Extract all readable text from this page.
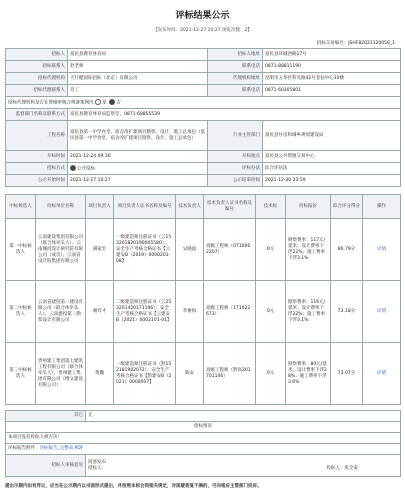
评标结果公示
【发布时间：2021-12-27 10:27 浏览次数：2】
招标交易编号：JSHF82021120056_1
招标人	富民县教育体育局	招标人地址	富民县环城西路17号
招标联系人	赵老师	联系电话	0871-88811190
招标代理机构	天行健国际招标（北京）有限公司	代理机构地址	昆明市五华区科光路42号金钻中心10楼
招标代理联系人	肖工	联系电话	0871-60305801
招标代理机构是否在资格审核合规备案网内 是 否			
监督部门名称及联系方式	富民县教育体育局监察室，0871-68855539		
工程名称	富民县第一中学食堂、宿舍改扩建项目勘察、设计，施工总承包（富民县第一中学食堂、宿舍改扩建项目勘察、设计、施工总承包）	行业主管部门	富民县住房和城乡规划建设局
开标时间	2021-12-24 09:30	开标地点	富民县公共资源交易中心
招标方式	公开招标	评标办法	综合评估法
公示开始时间	2021-12-27 10:27	公示结束时间	2021-12-30 23:59
中标候选人	投标单位名称	项目负责人	项目负责人证书名称及编号	技术负责人	技术负责人证书名称及编号	技术标	投标报价	综合评分得分	操作
第一中标候选人	云南建设集团有限公司（联合体牵头人）、云南城投设计研究院有限公司（成员）、云南省设计院集团有限公司	满家宏	一级建造师注册证书（云153201820190005580）；安全生产考核合格证书【云建安B（2019）0000201-08】	吴晓波	高级工程师（0710062207）	0元	勘察费率：117元/延米；设计费率下浮22%；施工费率下浮3.1%	86.79分	详情
第二中标候选人	云南省建投第一建设有限公司（联合体牵头人）、云南建投第一勘察设计有限公司	谢有才	二级建造师注册证书（云253201420171196）；安全生产考核合格证书【云建安B（2021）0002101-01】	李俊海	高级工程师（171022673）	0元	勘察费率：116元/延米；设计费率下浮22%；施工费率下浮3.1%	73.18分	详情
第三中标候选人	贵州建工集团第七建筑工程有限公司（联合体牵头人）、贵州建工集团有限公司（博文建设有限公司）	黄魏	一级建造师注册证书（黔152181902072）；安全生产考核合格证书【黔建安B（2021）0000007】	陈安	高级工程师（黔高201701146）	0元	勘察费率：80元/延米；设计费率下浮28%；施工费率下浮3.6%	73.07分	详情
其它	无
废标情况	
本项目没有投标人被否决！	
评标报告附件：评标报告_完整表.PDF	
招标人审核意见	同意发布
招标人： 投标人：张全泰
提出示期内如有异议，应当在公示期内以书面形式提出，并按照本标合同相关规定，对质疑答复不满的，可向相应主管部门投诉。
